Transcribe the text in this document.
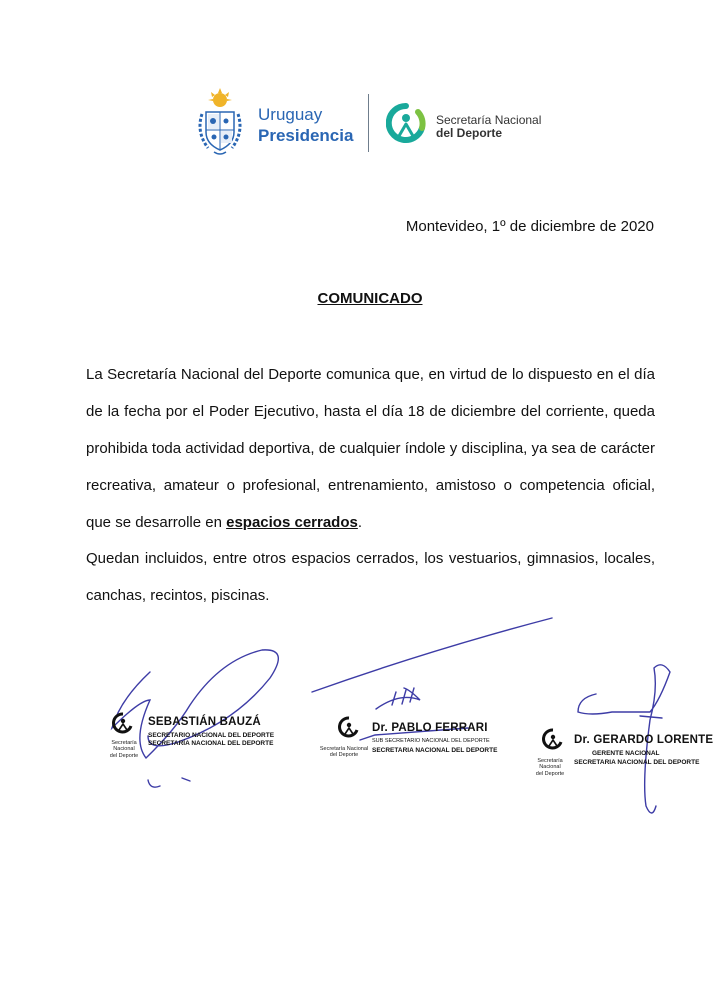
Uruguay
Presidencia
Secretaría Nacional
del Deporte
Montevideo, 1º de diciembre de 2020
COMUNICADO
La Secretaría Nacional del Deporte comunica que, en virtud de lo dispuesto en el día de la fecha por el Poder Ejecutivo, hasta el día 18 de diciembre del corriente, queda prohibida toda actividad deportiva, de cualquier índole y disciplina, ya sea de carácter recreativa, amateur o profesional, entrenamiento, amistoso o competencia oficial, que se desarrolle en espacios cerrados.
Quedan incluidos, entre otros espacios cerrados, los vestuarios, gimnasios, locales, canchas, recintos, piscinas.
Secretaría Nacional
del Deporte
SEBASTIÁN BAUZÁ
SECRETARIO NACIONAL DEL DEPORTE
SECRETARÍA NACIONAL DEL DEPORTE
Secretaría Nacional
del Deporte
Dr. PABLO FERRARI
SUB SECRETARIO NACIONAL DEL DEPORTE
SECRETARIA NACIONAL DEL DEPORTE
Secretaría Nacional
del Deporte
Dr. GERARDO LORENTE
GERENTE NACIONAL
SECRETARIA NACIONAL DEL DEPORTE
